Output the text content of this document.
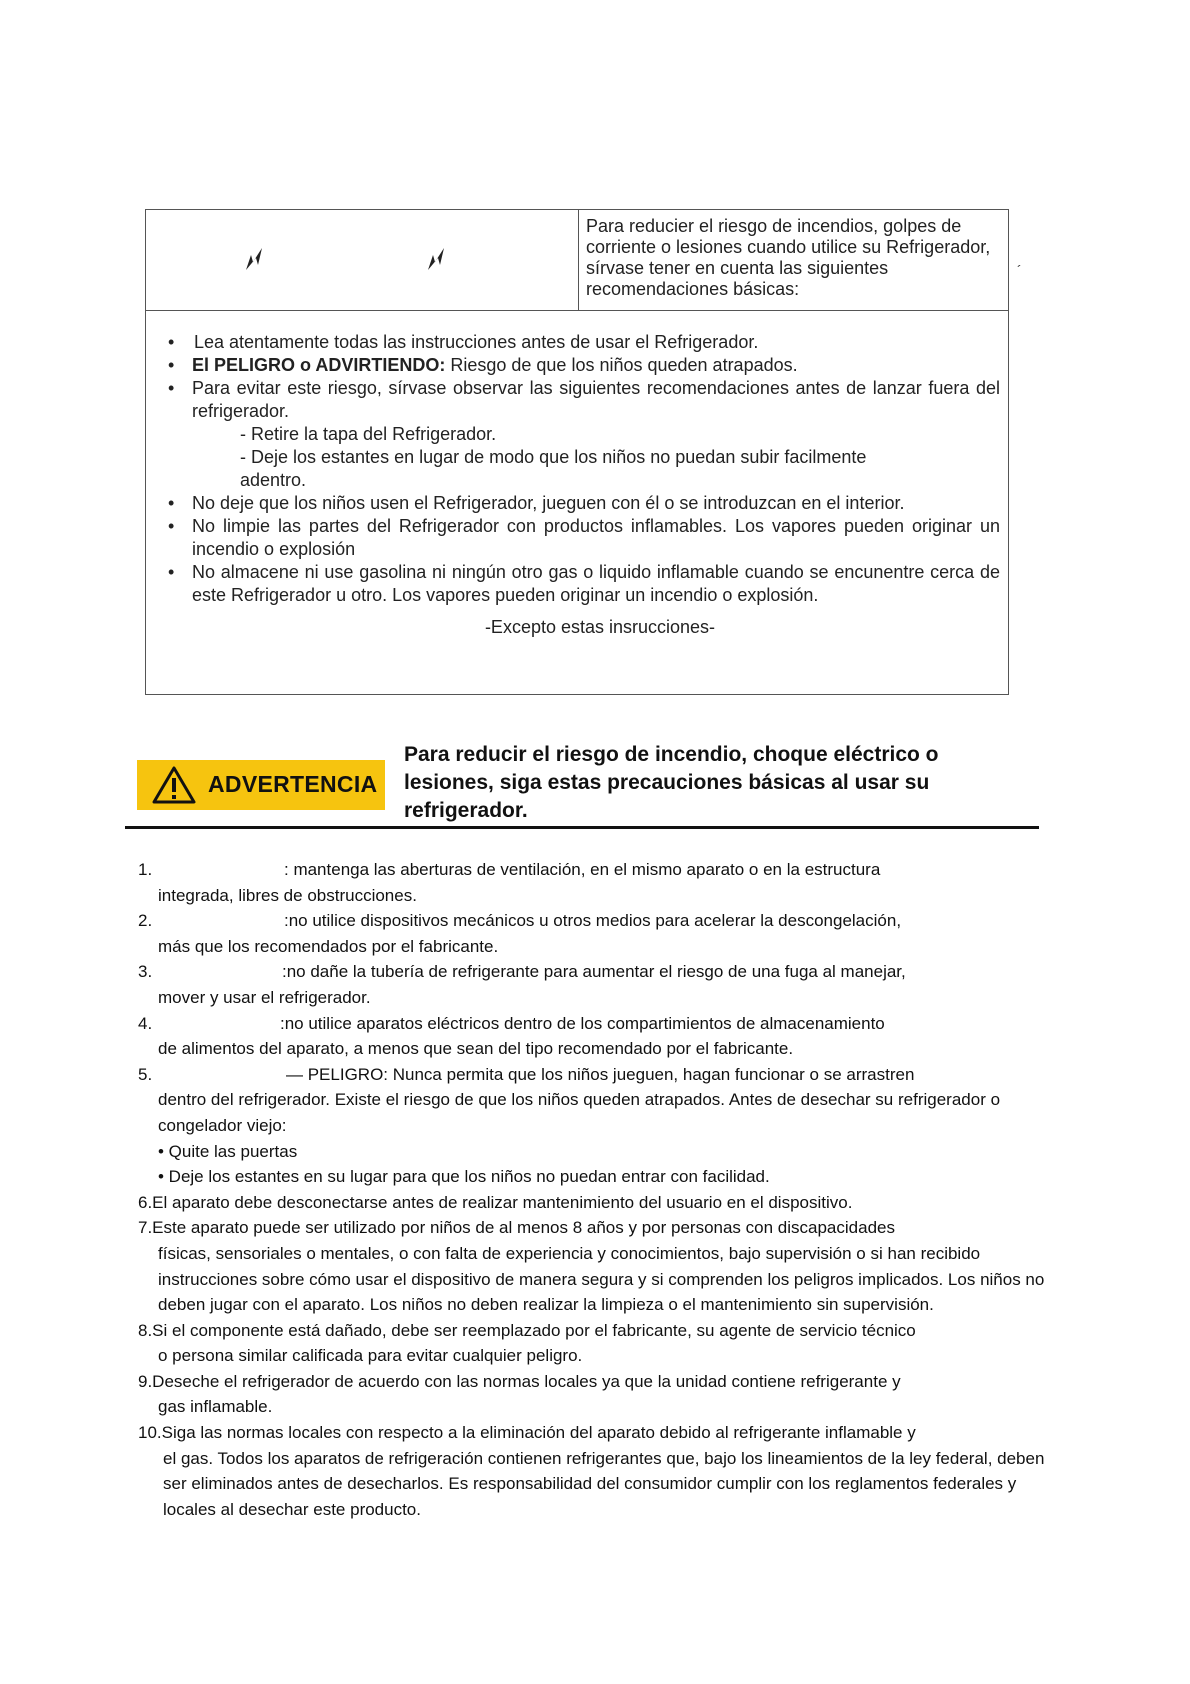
Para reducier el riesgo de incendios, golpes de corriente o lesiones cuando utilice su Refrigerador, sírvase tener en cuenta las siguientes recomendaciones básicas:
• Lea atentamente todas las instrucciones antes de usar el Refrigerador.
• El PELIGRO o ADVIRTIENDO: Riesgo de que los niños queden atrapados.
• Para evitar este riesgo, sírvase observar las siguientes recomendaciones antes de lanzar fuera del refrigerador.
- Retire la tapa del Refrigerador.
- Deje los estantes en lugar de modo que los niños no puedan subir facilmente
adentro.
• No deje que los niños usen el Refrigerador, jueguen con él o se introduzcan en el interior.
• No limpie las partes del Refrigerador con productos inflamables. Los vapores pueden originar un incendio o explosión
• No almacene ni use gasolina ni ningún otro gas o liquido inflamable cuando se encunentre cerca de este Refrigerador u otro. Los vapores pueden originar un incendio o explosión.
-Excepto estas insrucciones-
´
ADVERTENCIA
Para reducir el riesgo de incendio, choque eléctrico o lesiones, siga estas precauciones básicas al usar su refrigerador.
1.	: mantenga las aberturas de ventilación, en el mismo aparato o en la estructura
integrada, libres de obstrucciones.
2.	:no utilice dispositivos mecánicos u otros medios para acelerar la descongelación,
más que los recomendados por el fabricante.
3.	:no dañe la tubería de refrigerante para aumentar el riesgo de una fuga al manejar,
mover y usar el refrigerador.
4.	:no utilice aparatos eléctricos dentro de los compartimientos de almacenamiento
de alimentos del aparato, a menos que sean del tipo recomendado por el fabricante.
5.	— PELIGRO: Nunca permita que los niños jueguen, hagan funcionar o se arrastren
dentro del refrigerador. Existe el riesgo de que los niños queden atrapados. Antes de desechar su refrigerador o congelador viejo:
• Quite las puertas
• Deje los estantes en su lugar para que los niños no puedan entrar con facilidad.
6.El aparato debe desconectarse antes de realizar mantenimiento del usuario en el dispositivo.
7.Este aparato puede ser utilizado por niños de al menos 8 años y por personas con discapacidades
físicas, sensoriales o mentales, o con falta de experiencia y conocimientos, bajo supervisión o si han recibido instrucciones sobre cómo usar el dispositivo de manera segura y si comprenden los peligros implicados. Los niños no deben jugar con el aparato. Los niños no deben realizar la limpieza o el mantenimiento sin supervisión.
8.Si el componente está dañado, debe ser reemplazado por el fabricante, su agente de servicio técnico
o persona similar calificada para evitar cualquier peligro.
9.Deseche el refrigerador de acuerdo con las normas locales ya que la unidad contiene refrigerante y
gas inflamable.
10.Siga las normas locales con respecto a la eliminación del aparato debido al refrigerante inflamable y
el gas. Todos los aparatos de refrigeración contienen refrigerantes que, bajo los lineamientos de la ley federal, deben ser eliminados antes de desecharlos. Es responsabilidad del consumidor cumplir con los reglamentos federales y locales al desechar este producto.
